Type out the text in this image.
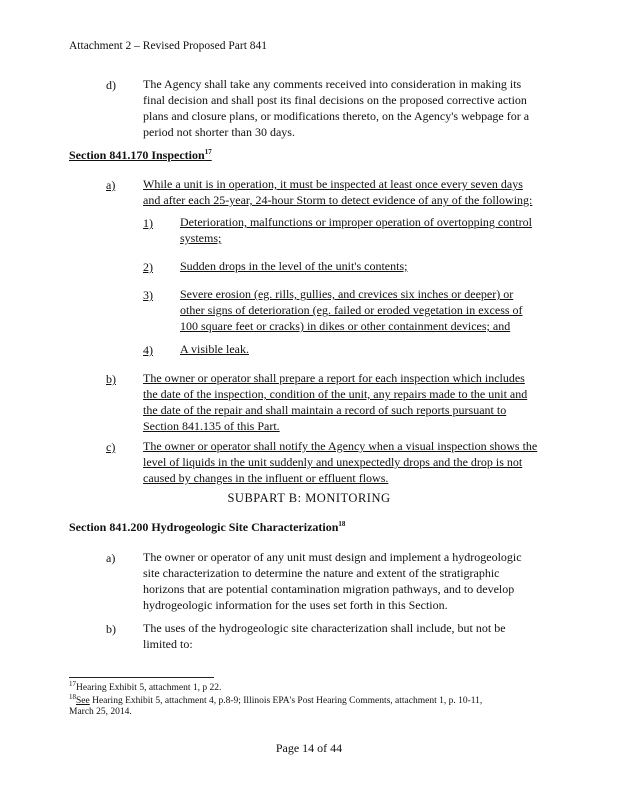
Attachment 2 – Revised Proposed Part 841
d) The Agency shall take any comments received into consideration in making its
final decision and shall post its final decisions on the proposed corrective action
plans and closure plans, or modifications thereto, on the Agency's webpage for a
period not shorter than 30 days.
Section 841.170 Inspection$^{17}$
a) While a unit is in operation, it must be inspected at least once every seven days
and after each 25-year, 24-hour Storm to detect evidence of any of the following:
1) Deterioration, malfunctions or improper operation of overtopping control
systems;
2) Sudden drops in the level of the unit's contents;
3) Severe erosion (eg. rills, gullies, and crevices six inches or deeper) or
other signs of deterioration (eg. failed or eroded vegetation in excess of
100 square feet or cracks) in dikes or other containment devices; and
4) A visible leak.
b) The owner or operator shall prepare a report for each inspection which includes
the date of the inspection, condition of the unit, any repairs made to the unit and
the date of the repair and shall maintain a record of such reports pursuant to
Section 841.135 of this Part.
c) The owner or operator shall notify the Agency when a visual inspection shows the
level of liquids in the unit suddenly and unexpectedly drops and the drop is not
caused by changes in the influent or effluent flows.
SUBPART B: MONITORING
Section 841.200 Hydrogeologic Site Characterization$^{18}$
a) The owner or operator of any unit must design and implement a hydrogeologic
site characterization to determine the nature and extent of the stratigraphic
horizons that are potential contamination migration pathways, and to develop
hydrogeologic information for the uses set forth in this Section.
b) The uses of the hydrogeologic site characterization shall include, but not be
limited to:
$^{17}$Hearing Exhibit 5, attachment 1, p 22.
$^{18}$See Hearing Exhibit 5, attachment 4, p.8-9; Illinois EPA's Post Hearing Comments, attachment 1, p. 10-11,
March 25, 2014.
Page 14 of 44
